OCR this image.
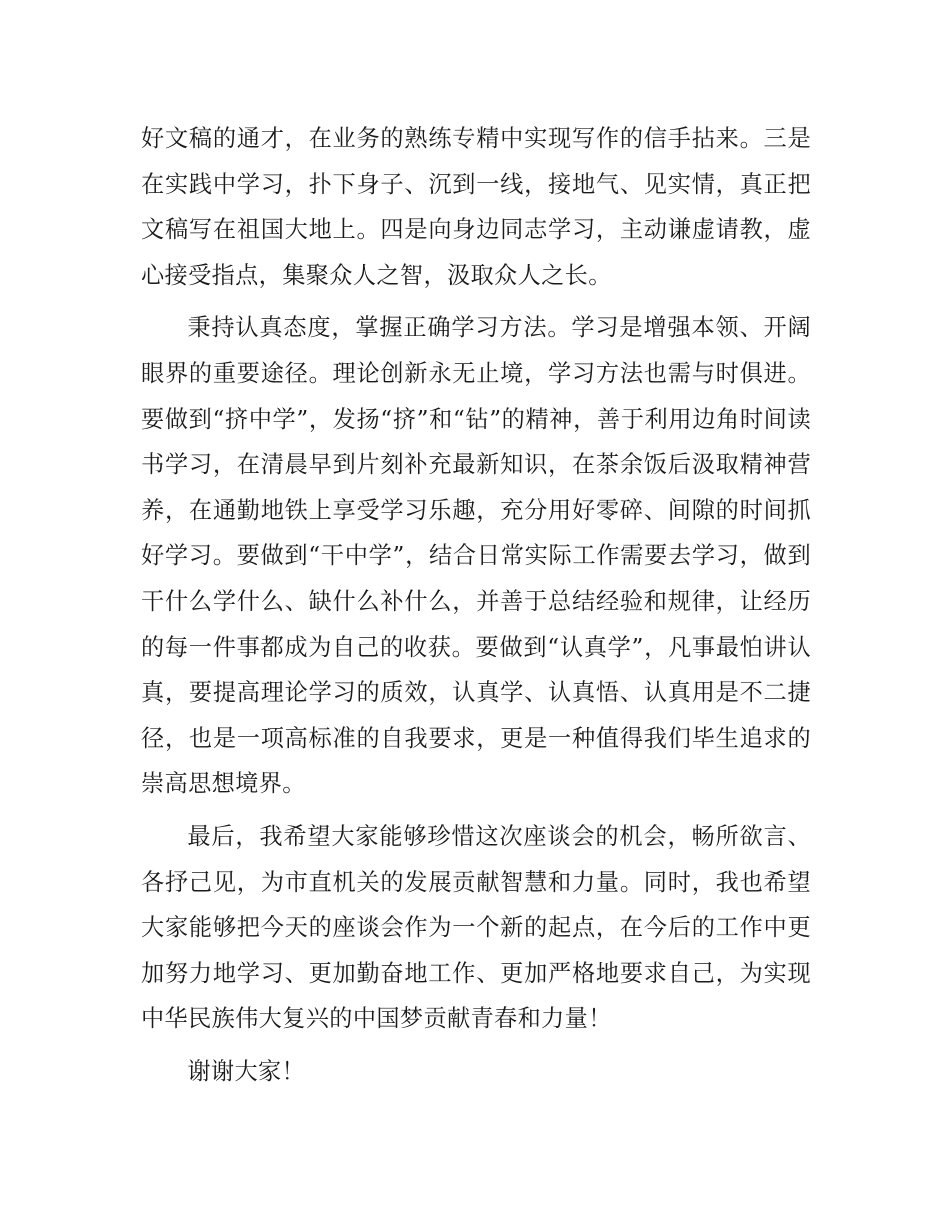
好文稿的通才，在业务的熟练专精中实现写作的信手拈来。三是在实践中学习，扑下身子、沉到一线，接地气、见实情，真正把文稿写在祖国大地上。四是向身边同志学习，主动谦虚请教，虚心接受指点，集聚众人之智，汲取众人之长。

秉持认真态度，掌握正确学习方法。学习是增强本领、开阔眼界的重要途径。理论创新永无止境，学习方法也需与时俱进。要做到“挤中学”，发扬“挤”和“钻”的精神，善于利用边角时间读书学习，在清晨早到片刻补充最新知识，在茶余饭后汲取精神营养，在通勤地铁上享受学习乐趣，充分用好零碎、间隙的时间抓好学习。要做到“干中学”，结合日常实际工作需要去学习，做到干什么学什么、缺什么补什么，并善于总结经验和规律，让经历的每一件事都成为自己的收获。要做到“认真学”，凡事最怕讲认真，要提高理论学习的质效，认真学、认真悟、认真用是不二捷径，也是一项高标准的自我要求，更是一种值得我们毕生追求的崇高思想境界。

最后，我希望大家能够珍惜这次座谈会的机会，畅所欲言、各抒己见，为市直机关的发展贡献智慧和力量。同时，我也希望大家能够把今天的座谈会作为一个新的起点，在今后的工作中更加努力地学习、更加勤奋地工作、更加严格地要求自己，为实现中华民族伟大复兴的中国梦贡献青春和力量！

谢谢大家！
